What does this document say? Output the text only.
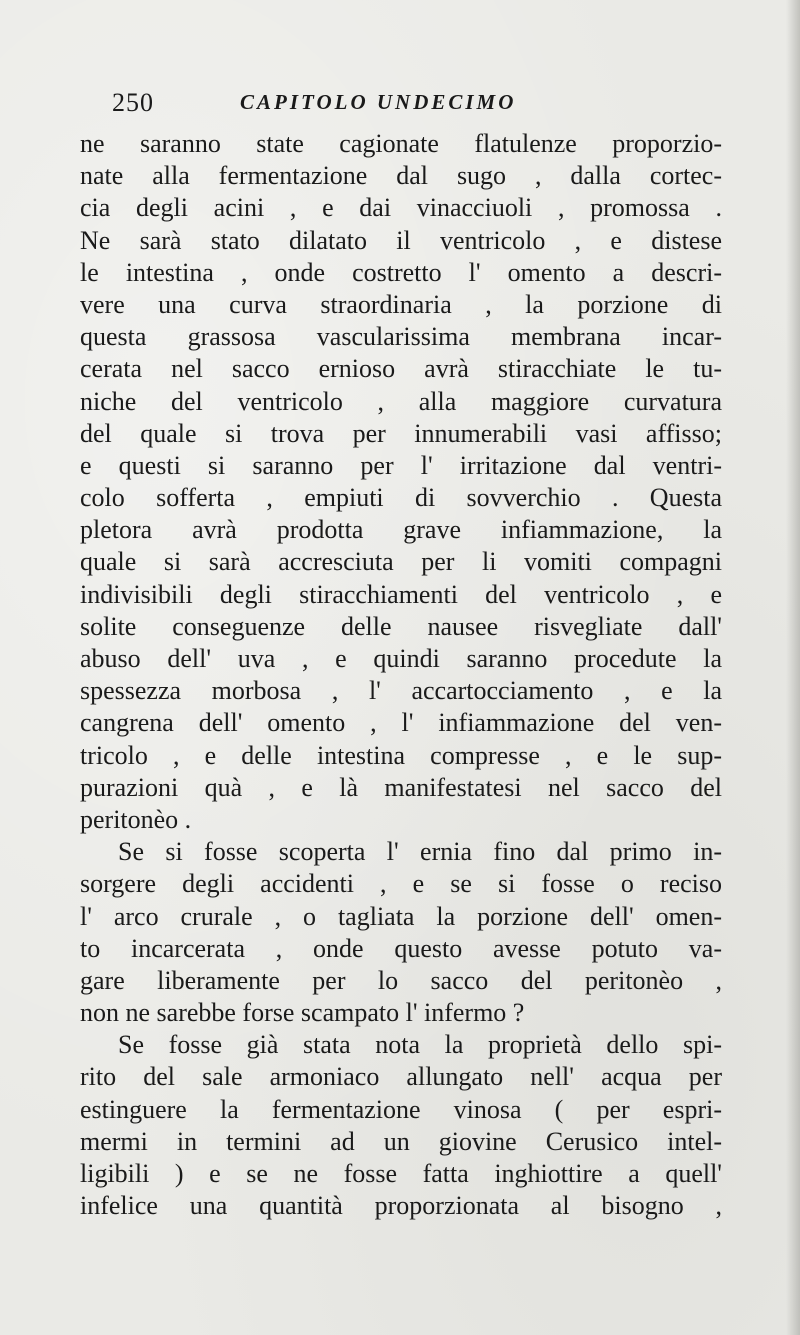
250	CAPITOLO UNDECIMO
ne saranno state cagionate flatulenze proporzio-
nate alla fermentazione dal sugo , dalla cortec-
cia degli acini , e dai vinacciuoli , promossa .
Ne sarà stato dilatato il ventricolo , e distese
le intestina , onde costretto l' omento a descri-
vere una curva straordinaria , la porzione di
questa grassosa vascularissima membrana incar-
cerata nel sacco ernioso avrà stiracchiate le tu-
niche del ventricolo , alla maggiore curvatura
del quale si trova per innumerabili vasi affisso;
e questi si saranno per l' irritazione dal ventri-
colo sofferta , empiuti di sovverchio . Questa
pletora avrà prodotta grave infiammazione, la
quale si sarà accresciuta per li vomiti compagni
indivisibili degli stiracchiamenti del ventricolo , e
solite conseguenze delle nausee risvegliate dall'
abuso dell' uva , e quindi saranno procedute la
spessezza morbosa , l' accartocciamento , e la
cangrena dell' omento , l' infiammazione del ven-
tricolo , e delle intestina compresse , e le sup-
purazioni quà , e là manifestatesi nel sacco del
peritonèo .
Se si fosse scoperta l' ernia fino dal primo in-
sorgere degli accidenti , e se si fosse o reciso
l' arco crurale , o tagliata la porzione dell' omen-
to incarcerata , onde questo avesse potuto va-
gare liberamente per lo sacco del peritonèo ,
non ne sarebbe forse scampato l' infermo ?
Se fosse già stata nota la proprietà dello spi-
rito del sale armoniaco allungato nell' acqua per
estinguere la fermentazione vinosa ( per espri-
mermi in termini ad un giovine Cerusico intel-
ligibili ) e se ne fosse fatta inghiottire a quell'
infelice una quantità proporzionata al bisogno ,
